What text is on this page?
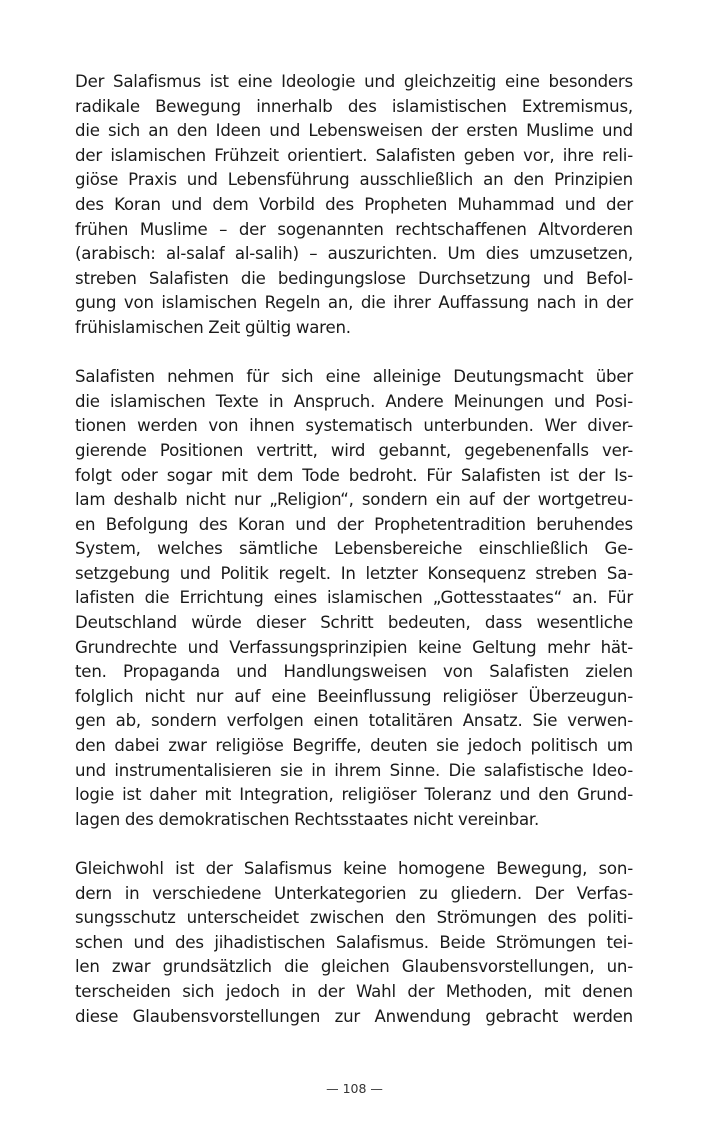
Der Salafismus ist eine Ideologie und gleichzeitig eine besonders
radikale Bewegung innerhalb des islamistischen Extremismus,
die sich an den Ideen und Lebensweisen der ersten Muslime und
der islamischen Frühzeit orientiert. Salafisten geben vor, ihre reli-
giöse Praxis und Lebensführung ausschließlich an den Prinzipien
des Koran und dem Vorbild des Propheten Muhammad und der
frühen Muslime – der sogenannten rechtschaffenen Altvorderen
(arabisch: al-salaf al-salih) – auszurichten. Um dies umzusetzen,
streben Salafisten die bedingungslose Durchsetzung und Befol-
gung von islamischen Regeln an, die ihrer Auffassung nach in der
frühislamischen Zeit gültig waren.

Salafisten nehmen für sich eine alleinige Deutungsmacht über
die islamischen Texte in Anspruch. Andere Meinungen und Posi-
tionen werden von ihnen systematisch unterbunden. Wer diver-
gierende Positionen vertritt, wird gebannt, gegebenenfalls ver-
folgt oder sogar mit dem Tode bedroht. Für Salafisten ist der Is-
lam deshalb nicht nur „Religion“, sondern ein auf der wortgetreu-
en Befolgung des Koran und der Prophetentradition beruhendes
System, welches sämtliche Lebensbereiche einschließlich Ge-
setzgebung und Politik regelt. In letzter Konsequenz streben Sa-
lafisten die Errichtung eines islamischen „Gottesstaates“ an. Für
Deutschland würde dieser Schritt bedeuten, dass wesentliche
Grundrechte und Verfassungsprinzipien keine Geltung mehr hät-
ten. Propaganda und Handlungsweisen von Salafisten zielen
folglich nicht nur auf eine Beeinflussung religiöser Überzeugun-
gen ab, sondern verfolgen einen totalitären Ansatz. Sie verwen-
den dabei zwar religiöse Begriffe, deuten sie jedoch politisch um
und instrumentalisieren sie in ihrem Sinne. Die salafistische Ideo-
logie ist daher mit Integration, religiöser Toleranz und den Grund-
lagen des demokratischen Rechtsstaates nicht vereinbar.

Gleichwohl ist der Salafismus keine homogene Bewegung, son-
dern in verschiedene Unterkategorien zu gliedern. Der Verfas-
sungsschutz unterscheidet zwischen den Strömungen des politi-
schen und des jihadistischen Salafismus. Beide Strömungen tei-
len zwar grundsätzlich die gleichen Glaubensvorstellungen, un-
terscheiden sich jedoch in der Wahl der Methoden, mit denen
diese Glaubensvorstellungen zur Anwendung gebracht werden

— 108 —
